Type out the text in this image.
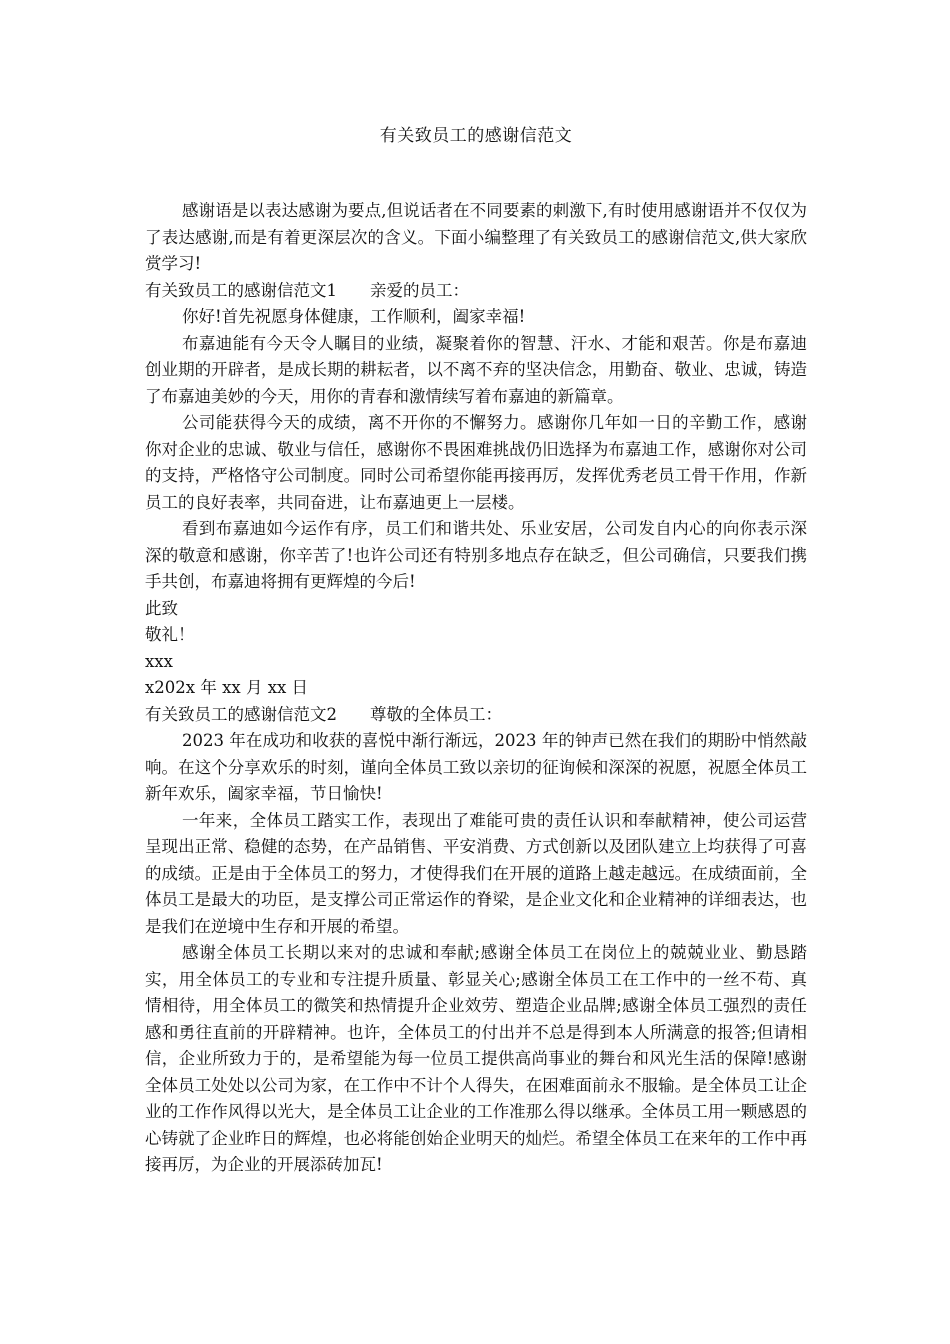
有关致员工的感谢信范文

感谢语是以表达感谢为要点,但说话者在不同要素的刺激下,有时使用感谢语并不仅仅为了表达感谢,而是有着更深层次的含义。下面小编整理了有关致员工的感谢信范文,供大家欣赏学习!

有关致员工的感谢信范文1　　亲爱的员工：

你好!首先祝愿身体健康，工作顺利，阖家幸福!

布嘉迪能有今天令人瞩目的业绩，凝聚着你的智慧、汗水、才能和艰苦。你是布嘉迪创业期的开辟者，是成长期的耕耘者，以不离不弃的坚决信念，用勤奋、敬业、忠诚，铸造了布嘉迪美妙的今天，用你的青春和激情续写着布嘉迪的新篇章。

公司能获得今天的成绩，离不开你的不懈努力。感谢你几年如一日的辛勤工作，感谢你对企业的忠诚、敬业与信任，感谢你不畏困难挑战仍旧选择为布嘉迪工作，感谢你对公司的支持，严格恪守公司制度。同时公司希望你能再接再厉，发挥优秀老员工骨干作用，作新员工的良好表率，共同奋进，让布嘉迪更上一层楼。

看到布嘉迪如今运作有序，员工们和谐共处、乐业安居，公司发自内心的向你表示深深的敬意和感谢，你辛苦了!也许公司还有特别多地点存在缺乏，但公司确信，只要我们携手共创，布嘉迪将拥有更辉煌的今后!

此致

敬礼！

xxx

x202x 年 xx 月 xx 日

有关致员工的感谢信范文2　　尊敬的全体员工：

2023 年在成功和收获的喜悦中渐行渐远，2023 年的钟声已然在我们的期盼中悄然敲响。在这个分享欢乐的时刻，谨向全体员工致以亲切的征询候和深深的祝愿，祝愿全体员工新年欢乐，阖家幸福，节日愉快!

一年来，全体员工踏实工作，表现出了难能可贵的责任认识和奉献精神，使公司运营呈现出正常、稳健的态势，在产品销售、平安消费、方式创新以及团队建立上均获得了可喜的成绩。正是由于全体员工的努力，才使得我们在开展的道路上越走越远。在成绩面前，全体员工是最大的功臣，是支撑公司正常运作的脊梁，是企业文化和企业精神的详细表达，也是我们在逆境中生存和开展的希望。

感谢全体员工长期以来对的忠诚和奉献;感谢全体员工在岗位上的兢兢业业、勤恳踏实，用全体员工的专业和专注提升质量、彰显关心;感谢全体员工在工作中的一丝不苟、真情相待，用全体员工的微笑和热情提升企业效劳、塑造企业品牌;感谢全体员工强烈的责任感和勇往直前的开辟精神。也许，全体员工的付出并不总是得到本人所满意的报答;但请相信，企业所致力于的，是希望能为每一位员工提供高尚事业的舞台和风光生活的保障!感谢全体员工处处以公司为家，在工作中不计个人得失，在困难面前永不服输。是全体员工让企业的工作作风得以光大，是全体员工让企业的工作准那么得以继承。全体员工用一颗感恩的心铸就了企业昨日的辉煌，也必将能创始企业明天的灿烂。希望全体员工在来年的工作中再接再厉，为企业的开展添砖加瓦!
